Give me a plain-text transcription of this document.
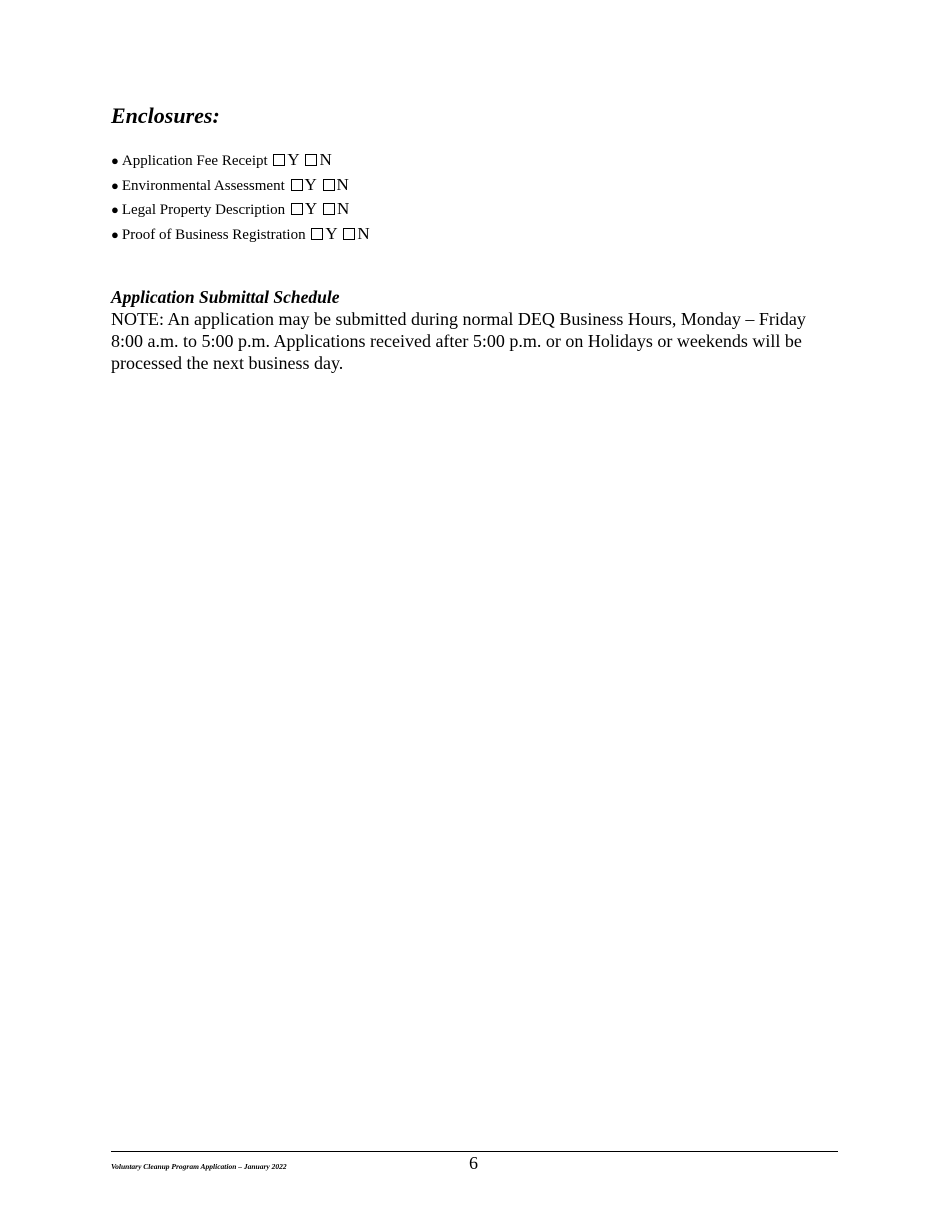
Enclosures:
● Application Fee Receipt Y N
● Environmental Assessment Y N
● Legal Property Description Y N
● Proof of Business Registration Y N
Application Submittal Schedule

NOTE: An application may be submitted during normal DEQ Business Hours, Monday – Friday 8:00 a.m. to 5:00 p.m. Applications received after 5:00 p.m. or on Holidays or weekends will be processed the next business day.

Voluntary Cleanup Program Application – January 2022	6
